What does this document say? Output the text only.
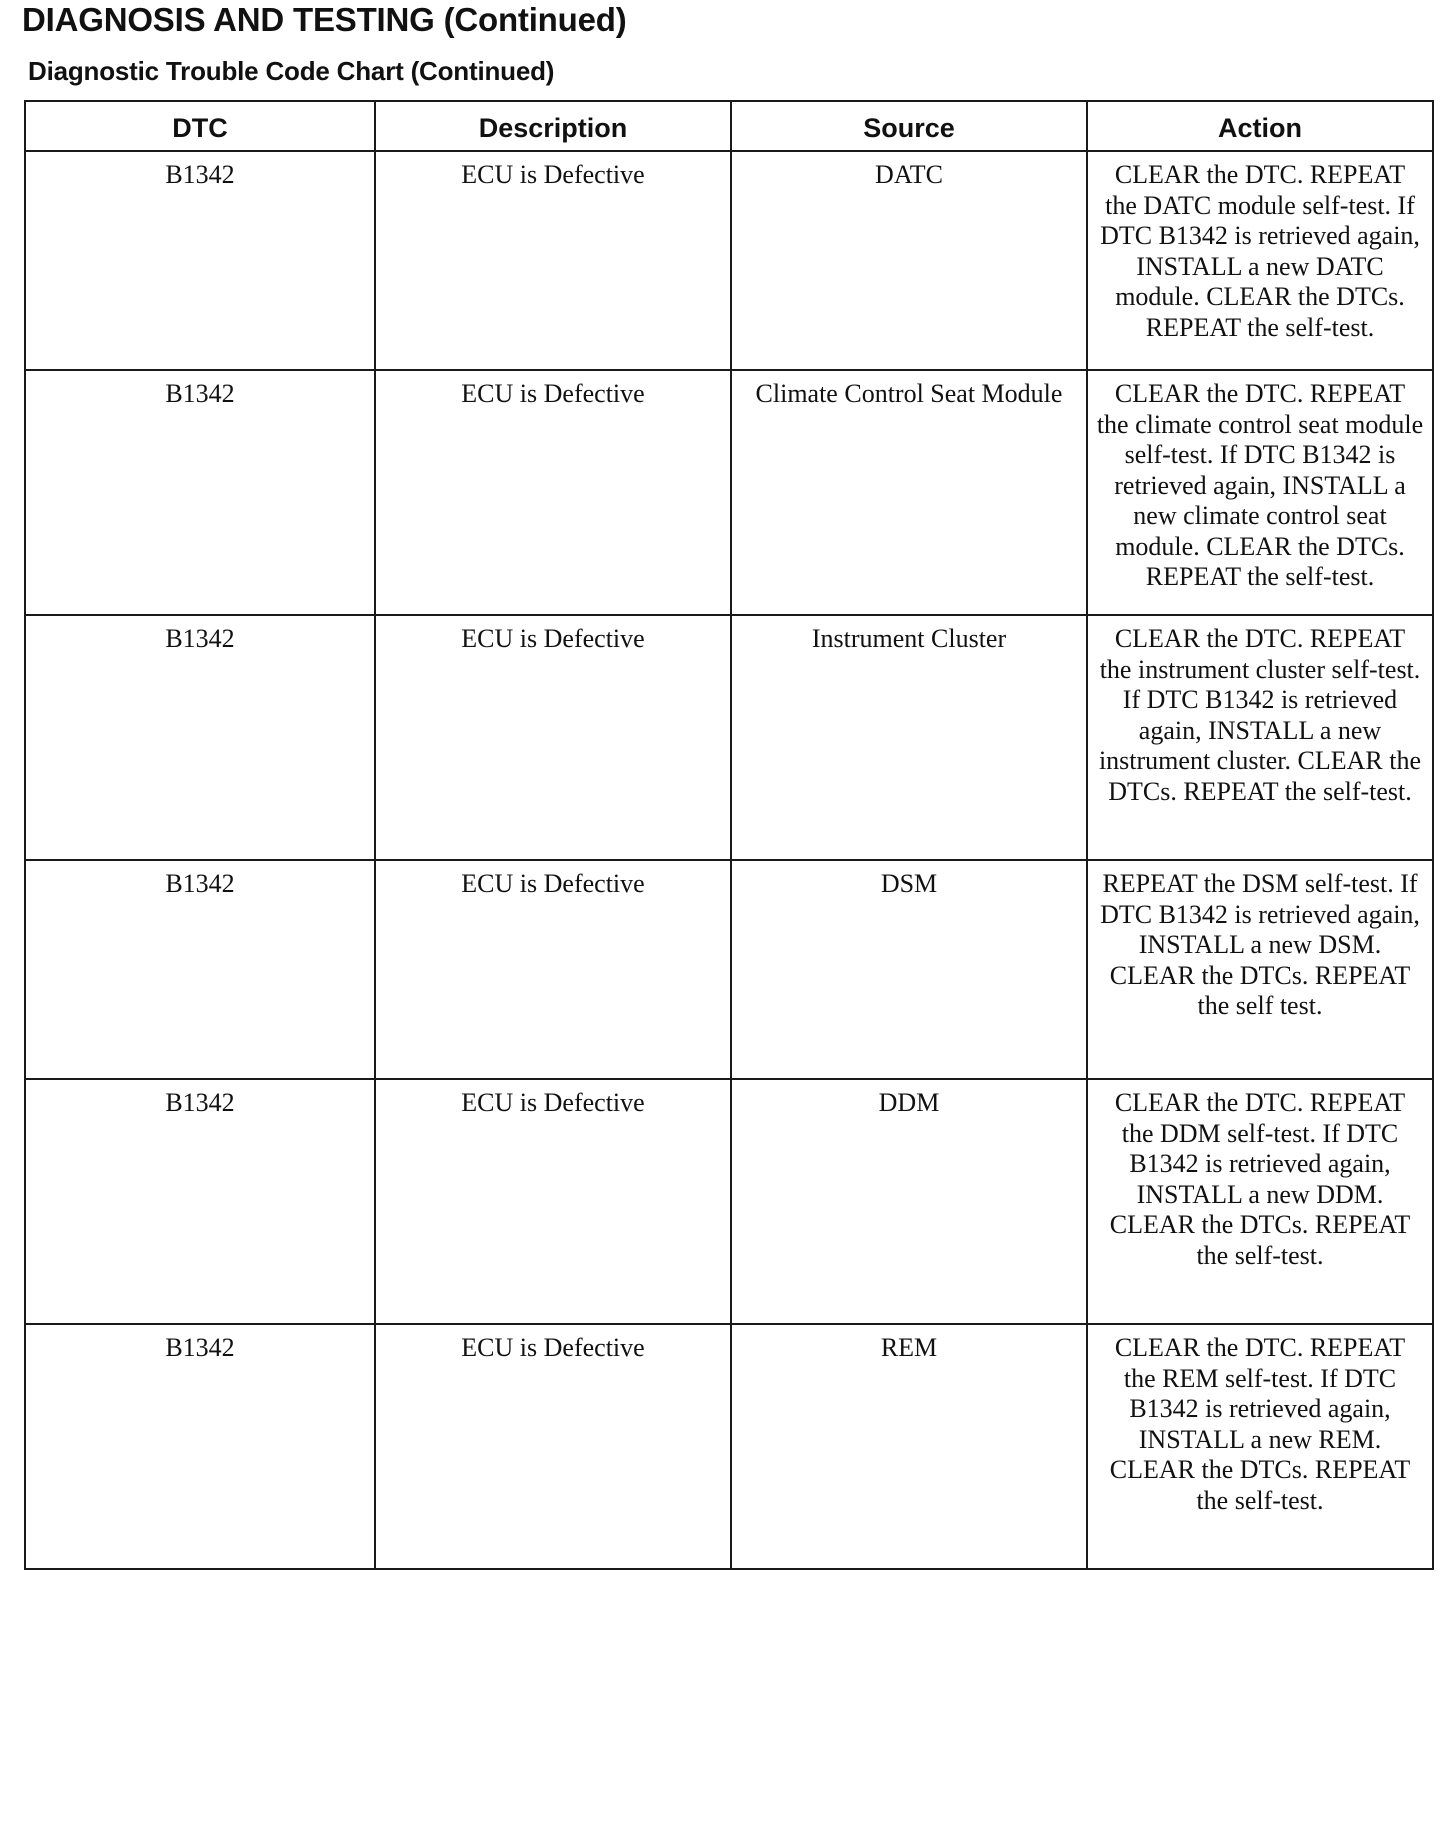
DIAGNOSIS AND TESTING (Continued)
Diagnostic Trouble Code Chart (Continued)
DTC	Description	Source	Action
B1342	ECU is Defective	DATC	CLEAR the DTC. REPEAT the DATC module self-test. If DTC B1342 is retrieved again, INSTALL a new DATC module. CLEAR the DTCs. REPEAT the self-test.
B1342	ECU is Defective	Climate Control Seat Module	CLEAR the DTC. REPEAT the climate control seat module self-test. If DTC B1342 is retrieved again, INSTALL a new climate control seat module. CLEAR the DTCs. REPEAT the self-test.
B1342	ECU is Defective	Instrument Cluster	CLEAR the DTC. REPEAT the instrument cluster self-test. If DTC B1342 is retrieved again, INSTALL a new instrument cluster. CLEAR the DTCs. REPEAT the self-test.
B1342	ECU is Defective	DSM	REPEAT the DSM self-test. If DTC B1342 is retrieved again, INSTALL a new DSM. CLEAR the DTCs. REPEAT the self test.
B1342	ECU is Defective	DDM	CLEAR the DTC. REPEAT the DDM self-test. If DTC B1342 is retrieved again, INSTALL a new DDM. CLEAR the DTCs. REPEAT the self-test.
B1342	ECU is Defective	REM	CLEAR the DTC. REPEAT the REM self-test. If DTC B1342 is retrieved again, INSTALL a new REM. CLEAR the DTCs. REPEAT the self-test.
